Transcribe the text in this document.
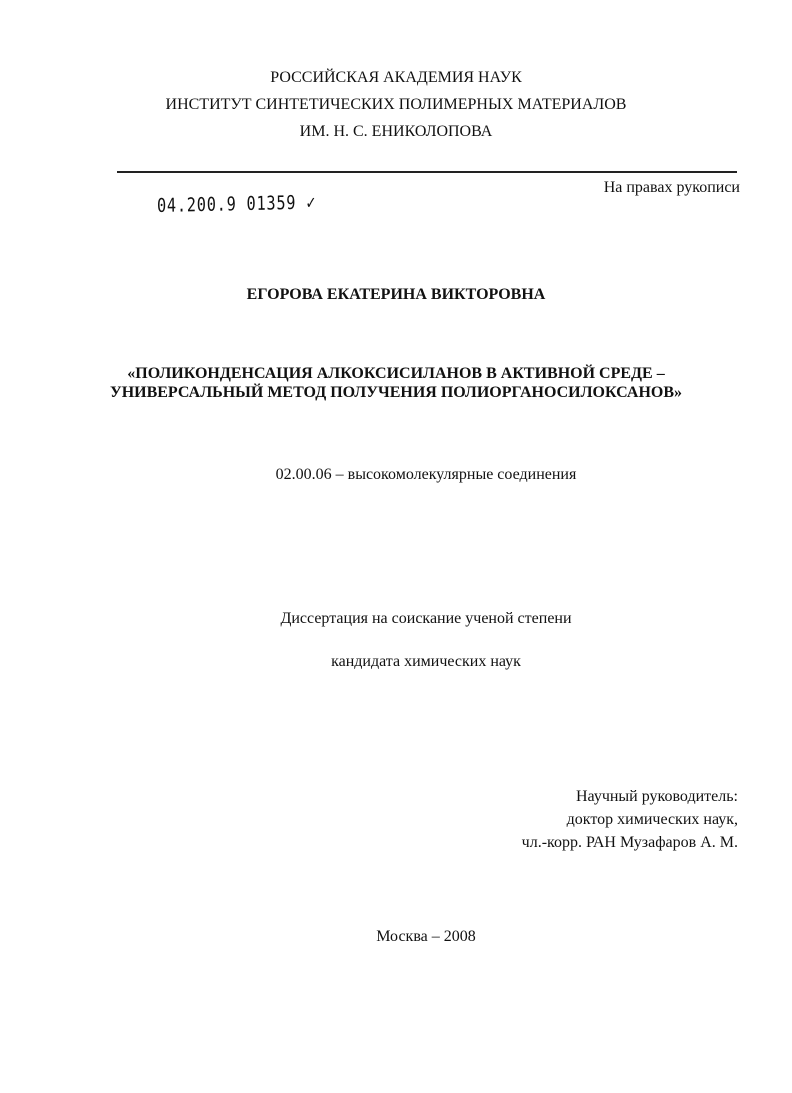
РОССИЙСКАЯ АКАДЕМИЯ НАУК
ИНСТИТУТ СИНТЕТИЧЕСКИХ ПОЛИМЕРНЫХ МАТЕРИАЛОВ
ИМ. Н. С. ЕНИКОЛОПОВА
На правах рукописи
04.200.9 01359 ✓
ЕГОРОВА ЕКАТЕРИНА ВИКТОРОВНА
«ПОЛИКОНДЕНСАЦИЯ АЛКОКСИСИЛАНОВ В АКТИВНОЙ СРЕДЕ –
УНИВЕРСАЛЬНЫЙ МЕТОД ПОЛУЧЕНИЯ ПОЛИОРГАНОСИЛОКСАНОВ»
02.00.06 – высокомолекулярные соединения
Диссертация на соискание ученой степени
кандидата химических наук
Научный руководитель:
доктор химических наук,
чл.-корр. РАН Музафаров А. М.
Москва – 2008
